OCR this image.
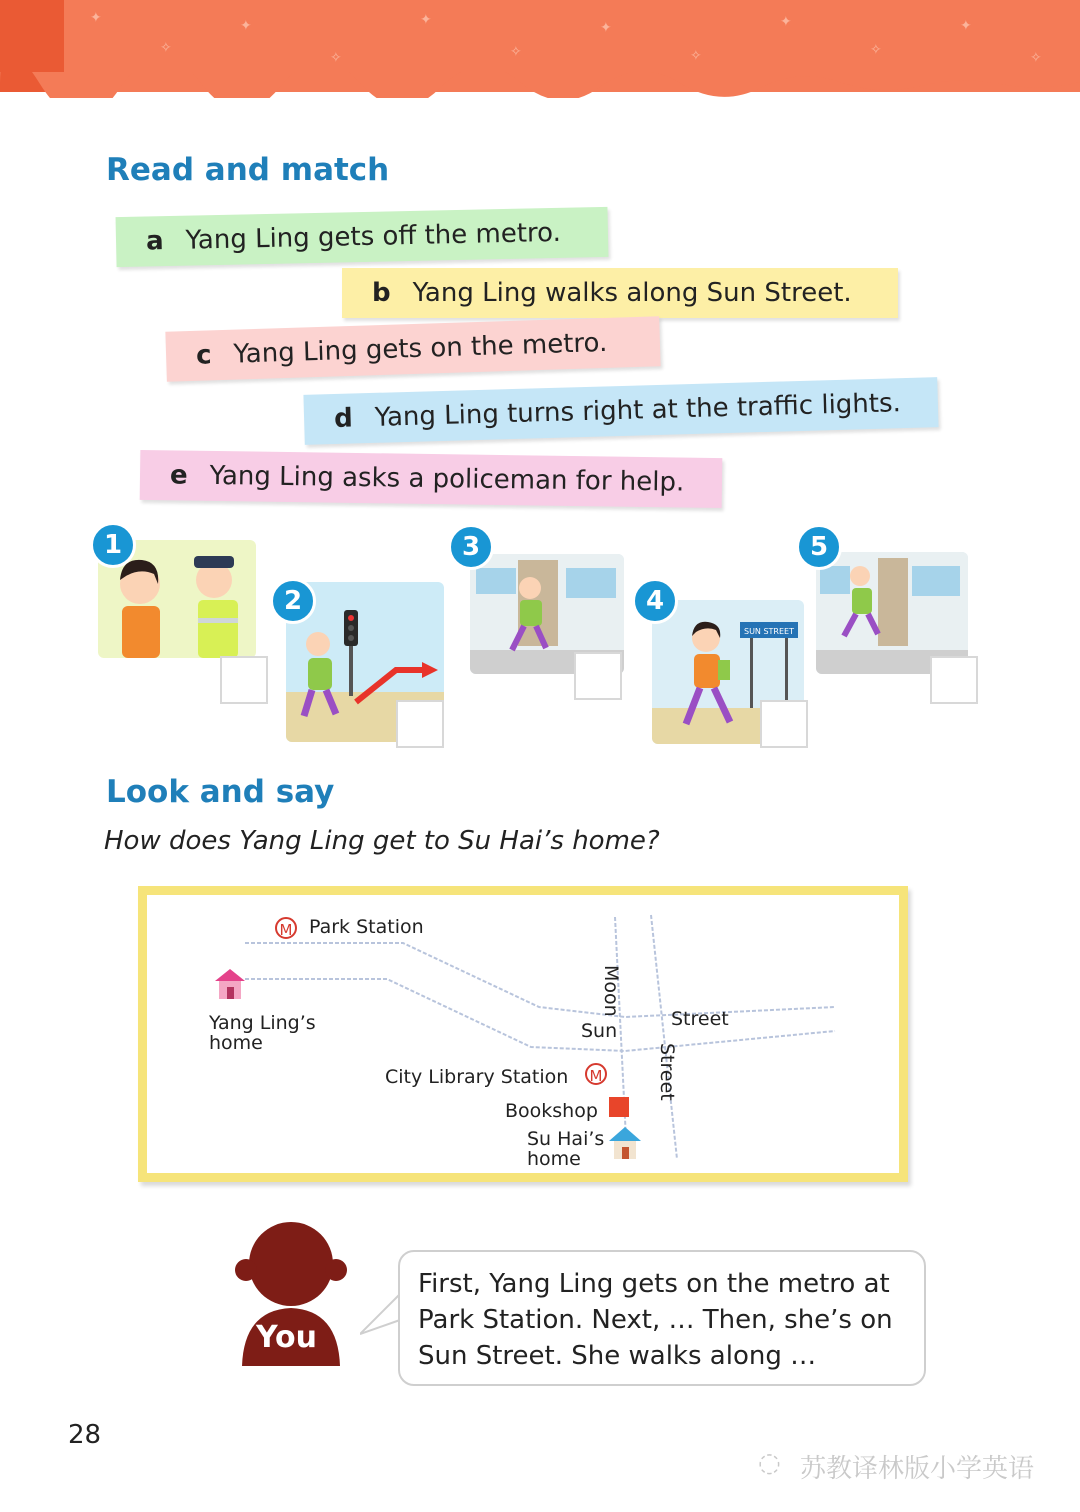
✦
✧
✦
✧
✦
✧
✦
✧
✦
✧
✦
✧
Read and match
a Yang Ling gets off the metro.
b Yang Ling walks along Sun Street.
c Yang Ling gets on the metro.
d Yang Ling turns right at the traffic lights.
e Yang Ling asks a policeman for help.
1
2
3
SUN STREET
4
5
Look and say

How does Yang Ling get to Su Hai’s home?

M Park Station
Yang Ling’s
home
Sun
Street
Moon
Street
City Library Station	M
Bookshop
Su Hai’s
home
You
First, Yang Ling gets on the metro at
Park Station. Next, … Then, she’s on
Sun Street. She walks along …
28
◌ 苏教译林版小学英语
